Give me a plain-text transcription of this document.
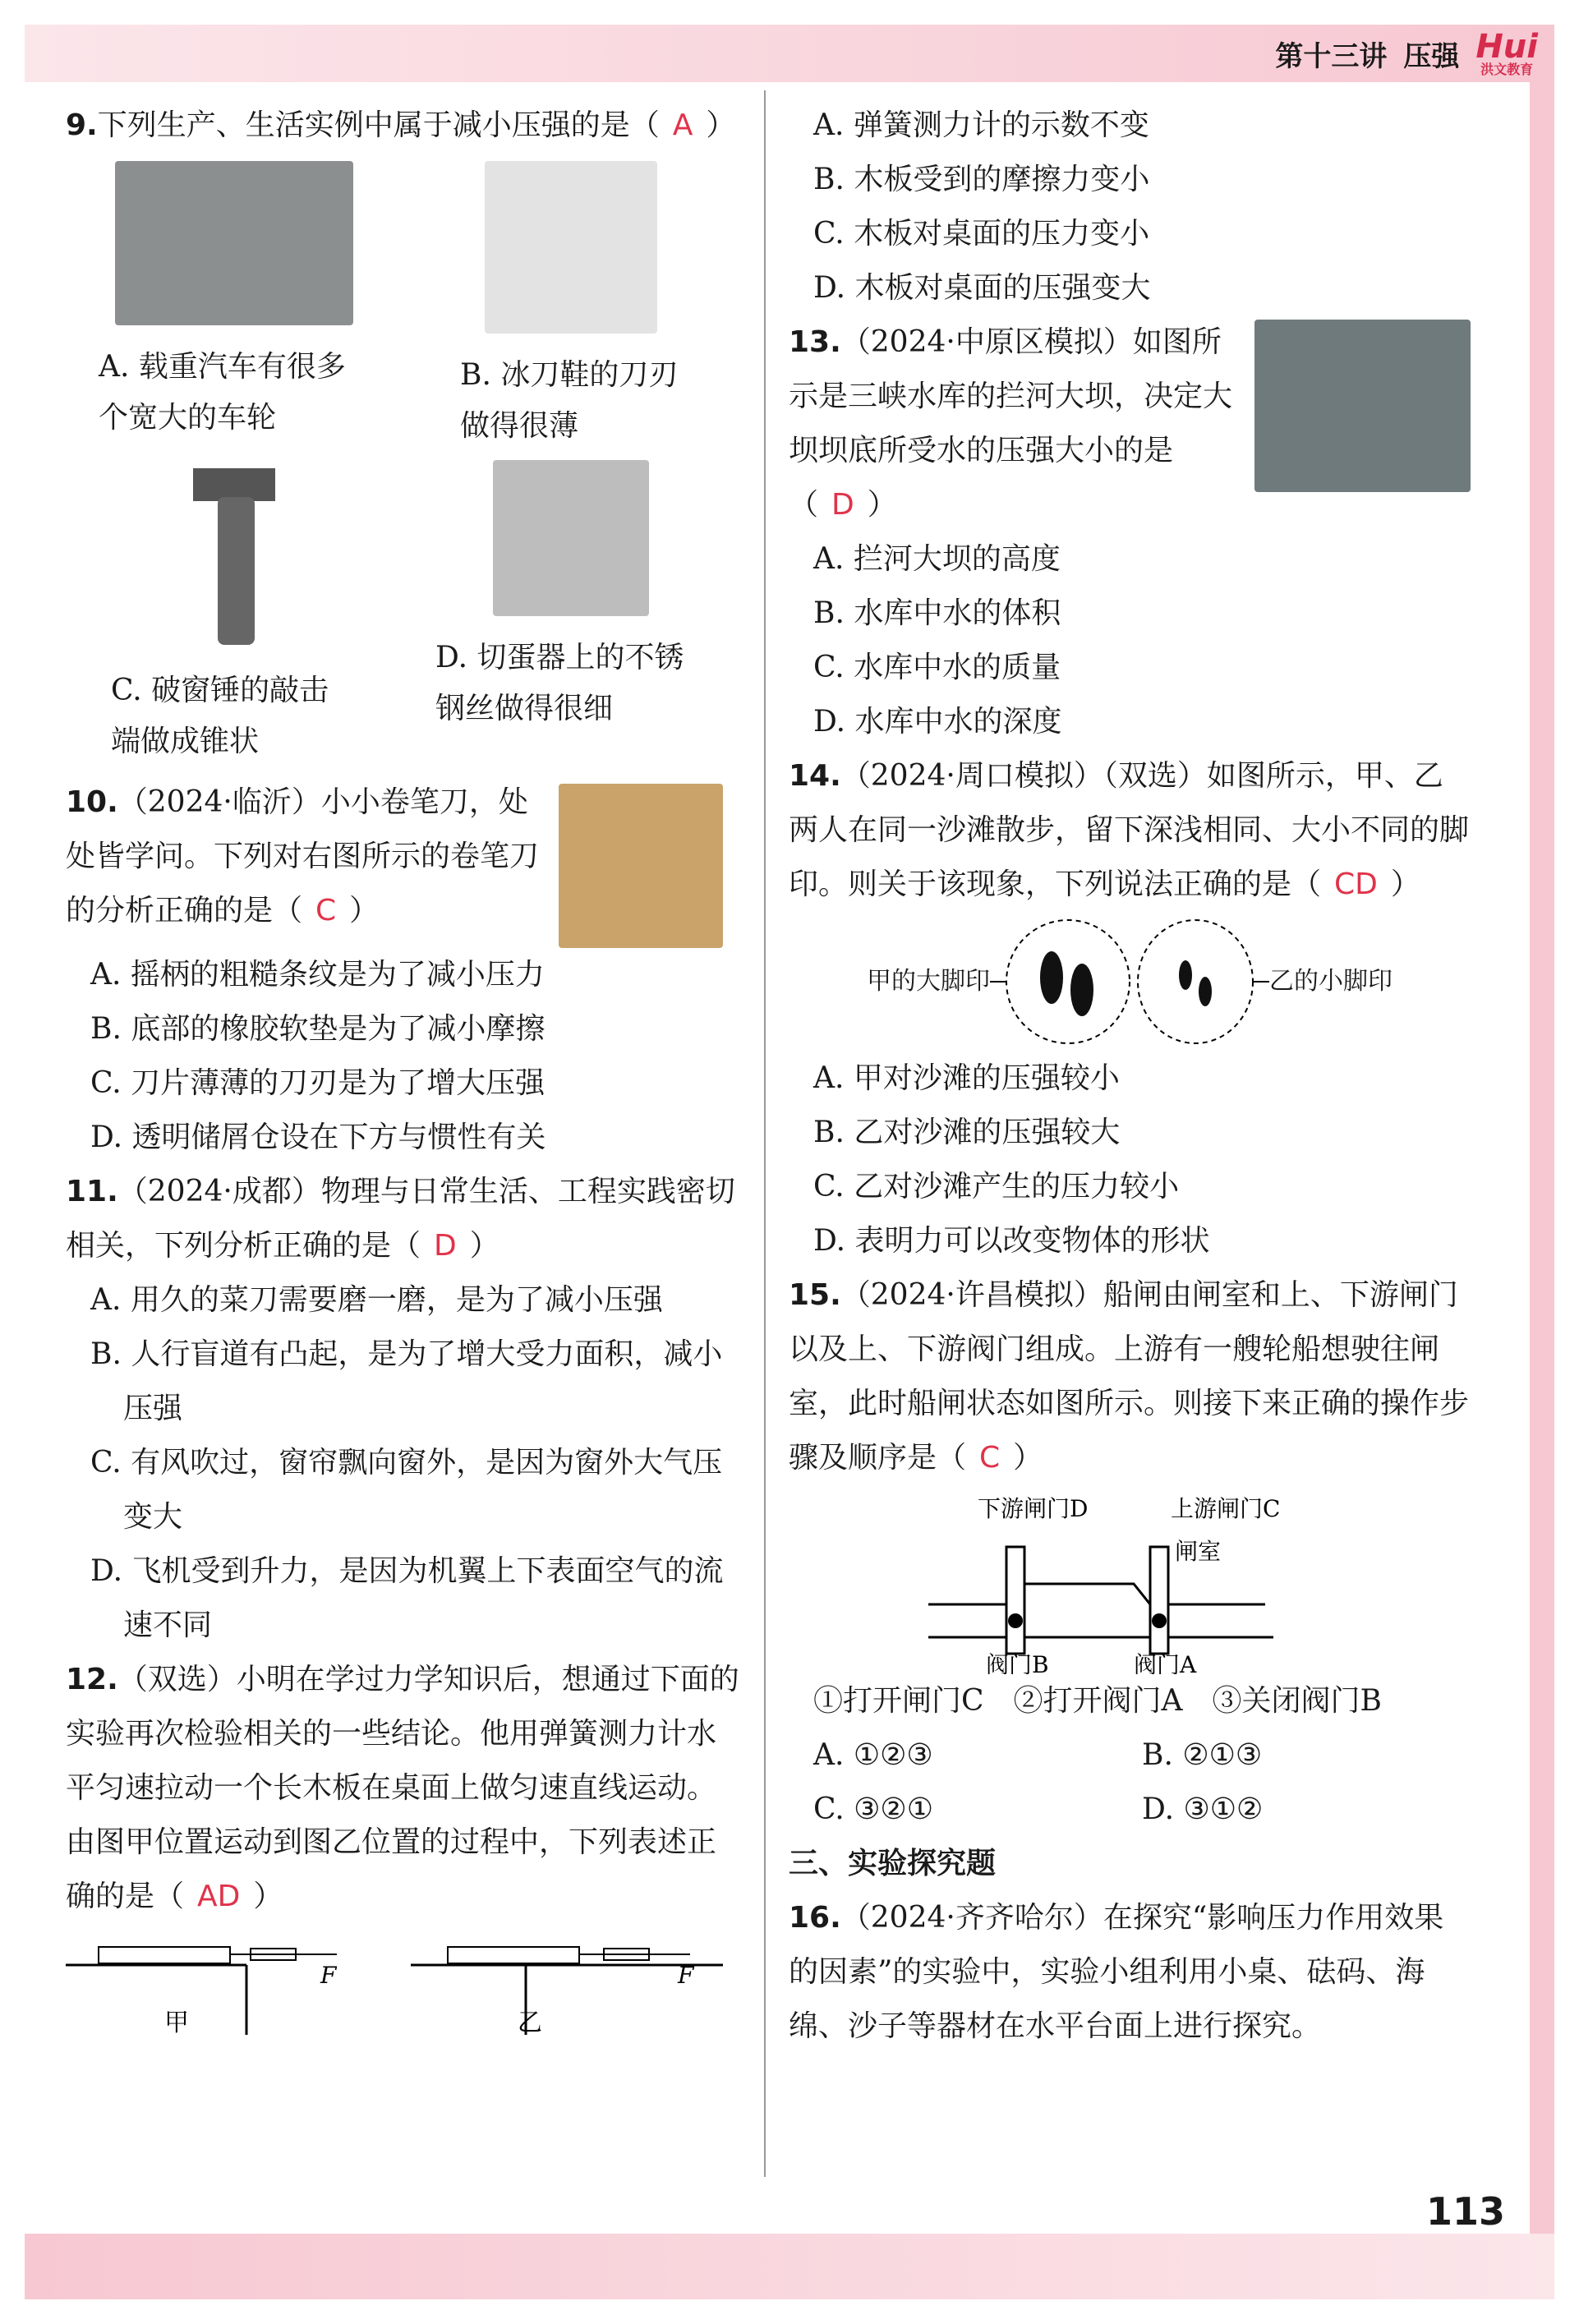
第十三讲 压强 Hui
洪文教育

9.下列生产、生活实例中属于减小压强的是（ A ）

A. 载重汽车有很多个宽大的车轮
B. 冰刀鞋的刀刃做得很薄
C. 破窗锤的敲击端做成锥状
D. 切蛋器上的不锈钢丝做得很细

10.（2024·临沂）小小卷笔刀，处处皆学问。下列对右图所示的卷笔刀的分析正确的是（ C ）

A. 摇柄的粗糙条纹是为了减小压力

B. 底部的橡胶软垫是为了减小摩擦

C. 刀片薄薄的刀刃是为了增大压强

D. 透明储屑仓设在下方与惯性有关

11.（2024·成都）物理与日常生活、工程实践密切相关，下列分析正确的是（ D ）

A. 用久的菜刀需要磨一磨，是为了减小压强

B. 人行盲道有凸起，是为了增大受力面积，减小压强

C. 有风吹过，窗帘飘向窗外，是因为窗外大气压变大

D. 飞机受到升力，是因为机翼上下表面空气的流速不同

12.（双选）小明在学过力学知识后，想通过下面的实验再次检验相关的一些结论。他用弹簧测力计水平匀速拉动一个长木板在桌面上做匀速直线运动。由图甲位置运动到图乙位置的过程中，下列表述正确的是（ AD ）

F
甲
F
乙

A. 弹簧测力计的示数不变

B. 木板受到的摩擦力变小

C. 木板对桌面的压力变小

D. 木板对桌面的压强变大

13.（2024·中原区模拟）如图所示是三峡水库的拦河大坝，决定大坝坝底所受水的压强大小的是（ D ）

A. 拦河大坝的高度

B. 水库中水的体积

C. 水库中水的质量

D. 水库中水的深度

14.（2024·周口模拟）（双选）如图所示，甲、乙两人在同一沙滩散步，留下深浅相同、大小不同的脚印。则关于该现象，下列说法正确的是（ CD ）

甲的大脚印	乙的小脚印

A. 甲对沙滩的压强较小

B. 乙对沙滩的压强较大

C. 乙对沙滩产生的压力较小

D. 表明力可以改变物体的形状

15.（2024·许昌模拟）船闸由闸室和上、下游闸门以及上、下游阀门组成。上游有一艘轮船想驶往闸室，此时船闸状态如图所示。则接下来正确的操作步骤及顺序是（ C ）

下游闸门D	上游闸门C
闸室
阀门B	阀门A

①打开闸门C　②打开阀门A　③关闭阀门B

A. ①②③	B. ②①③
C. ③②①	D. ③①②

三、实验探究题

16.（2024·齐齐哈尔）在探究“影响压力作用效果的因素”的实验中，实验小组利用小桌、砝码、海绵、沙子等器材在水平台面上进行探究。

113
